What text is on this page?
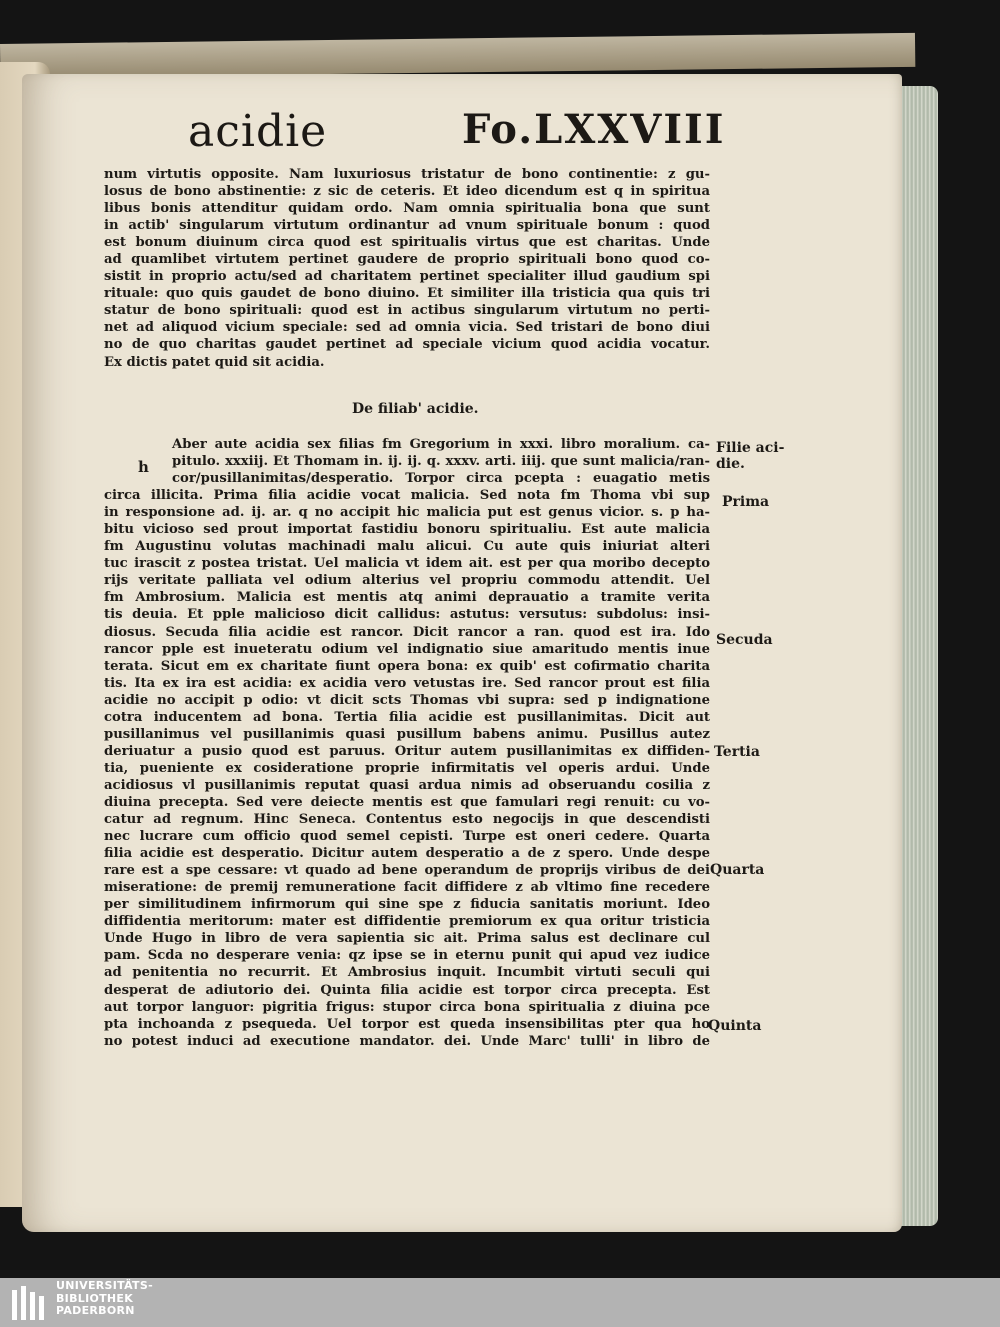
acidie	Fo.LXXVIII
num virtutis opposite. Nam luxuriosus tristatur de bono continentie: z gu-
losus de bono abstinentie: z sic de ceteris. Et ideo dicendum est q in spiritua
libus bonis attenditur quidam ordo. Nam omnia spiritualia bona que sunt
in actib' singularum virtutum ordinantur ad vnum spirituale bonum : quod
est bonum diuinum circa quod est spiritualis virtus que est charitas. Unde
ad quamlibet virtutem pertinet gaudere de proprio spirituali bono quod co-
sistit in proprio actu/sed ad charitatem pertinet specialiter illud gaudium spi
rituale: quo quis gaudet de bono diuino. Et similiter illa tristicia qua quis tri
statur de bono spirituali: quod est in actibus singularum virtutum no perti-
net ad aliquod vicium speciale: sed ad omnia vicia. Sed tristari de bono diui
no de quo charitas gaudet pertinet ad speciale vicium quod acidia vocatur.
Ex dictis patet quid sit acidia.
De filiab' acidie.
h
Aber aute acidia sex filias fm Gregorium in xxxi. libro moralium. ca-
pitulo. xxxiij. Et Thomam in. ij. ij. q. xxxv. arti. iiij. que sunt malicia/ran-
cor/pusillanimitas/desperatio. Torpor circa pcepta : euagatio metis
circa illicita. Prima filia acidie vocat malicia. Sed nota fm Thoma vbi sup
in responsione ad. ij. ar. q no accipit hic malicia put est genus vicior. s. p ha-
bitu vicioso sed prout importat fastidiu bonoru spiritualiu. Est aute malicia
fm Augustinu volutas machinadi malu alicui. Cu aute quis iniuriat alteri
tuc irascit z postea tristat. Uel malicia vt idem ait. est per qua moribo decepto
rijs veritate palliata vel odium alterius vel propriu commodu attendit. Uel
fm Ambrosium. Malicia est mentis atq animi deprauatio a tramite verita
tis deuia. Et pple malicioso dicit callidus: astutus: versutus: subdolus: insi-
diosus. Secuda filia acidie est rancor. Dicit rancor a ran. quod est ira. Ido
rancor pple est inueteratu odium vel indignatio siue amaritudo mentis inue
terata. Sicut em ex charitate fiunt opera bona: ex quib' est cofirmatio charita
tis. Ita ex ira est acidia: ex acidia vero vetustas ire. Sed rancor prout est filia
acidie no accipit p odio: vt dicit scts Thomas vbi supra: sed p indignatione
cotra inducentem ad bona. Tertia filia acidie est pusillanimitas. Dicit aut
pusillanimus vel pusillanimis quasi pusillum babens animu. Pusillus autez
deriuatur a pusio quod est paruus. Oritur autem pusillanimitas ex diffiden-
tia, pueniente ex cosideratione proprie infirmitatis vel operis ardui. Unde
acidiosus vl pusillanimis reputat quasi ardua nimis ad obseruandu cosilia z
diuina precepta. Sed vere deiecte mentis est que famulari regi renuit: cu vo-
catur ad regnum. Hinc Seneca. Contentus esto negocijs in que descendisti
nec lucrare cum officio quod semel cepisti. Turpe est oneri cedere. Quarta
filia acidie est desperatio. Dicitur autem desperatio a de z spero. Unde despe
rare est a spe cessare: vt quado ad bene operandum de proprijs viribus de dei
miseratione: de premij remuneratione facit diffidere z ab vltimo fine recedere
per similitudinem infirmorum qui sine spe z fiducia sanitatis moriunt. Ideo
diffidentia meritorum: mater est diffidentie premiorum ex qua oritur tristicia
Unde Hugo in libro de vera sapientia sic ait. Prima salus est declinare cul
pam. Scda no desperare venia: qz ipse se in eternu punit qui apud vez iudice
ad penitentia no recurrit. Et Ambrosius inquit. Incumbit virtuti seculi qui
desperat de adiutorio dei. Quinta filia acidie est torpor circa precepta. Est
aut torpor languor: pigritia frigus: stupor circa bona spiritualia z diuina pce
pta inchoanda z psequeda. Uel torpor est queda insensibilitas pter qua ho
no potest induci ad executione mandator. dei. Unde Marc' tulli' in libro de
Filie aci-
die.
Prima
Secuda
Tertia
Quarta
Quinta
UNIVERSITÄTS-
BIBLIOTHEK
PADERBORN
